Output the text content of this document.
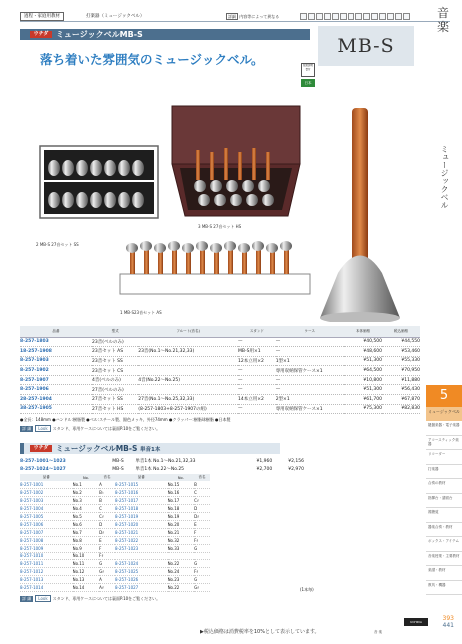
過程・家庭用教材	打楽器（ミュージックベル）	詳細 内容等によって異なる	音楽
ミュージックベル
ウチダ ミュージックベルMB-S
MB-S
落ち着いた雰囲気のミュージックベル。	取扱説明書付
日本
2 MB-S 27音セット SS
3 MB-S 27音セット HS
1 MB-S23音セット AS
5
ミュージックベル
鍵盤楽器・電子楽器
アコースティック楽器
リコーダー
打楽器
合奏の教材
指揮台・譜面台
視聴覚
器楽合奏・教材
ボックス・アイテム
音楽授業・主要教材
楽譜・教材
教具・機器
品番	型式	フルート(音名)	スタンド	ケース	本体価格	税込価格
8-257-1803	23音(ベルのみ)		—	—	¥40,500	¥44,550
18-257-1908	23音セット AS	23音(No.1〜No.21,32,33)	MB-S用×1	—	¥48,600	¥53,460
8-257-1903	23音セット SS		12本立用×2	1型×1	¥51,300	¥55,330
8-257-1902	23音セット CS		—	専用収納保管ケース×1	¥64,500	¥70,950
8-257-1907	4音(ベルのみ)	4音(No.22〜No.25)	—	—	¥10,800	¥11,880
8-257-1906	27音(ベルのみ)		—	—	¥51,300	¥56,430
28-257-1904	27音セット SS	27音(No.1〜No.25,32,33)	14本立用×2	2型×1	¥61,700	¥67,870
38-257-1905	27音セット HS	(8-257-1803+8-257-1907の組)	—	専用収納保管ケース×1	¥75,300	¥82,830
●全長：148mm ●ハンドル:樹脂製 ●ベル:スチール製、銀色メッキ、外径74mm ●クラッパー:樹脂球樹脂 ●日本製
詳 細 Look スタンド、専用ケースについては裏面P.10をご覧ください。
ウチダ	ミュージックベルMB-S 単音1本
8-257-1001〜1023	MB-S	単音1本 No.1〜No.21,32,33	¥1,960	¥2,156
8-257-1024〜1027	MB-S	単音1本 No.22〜No.25	¥2,700	¥2,970
品番	No.	音名	品番	No.	音名
8-257-1001	No.1	A	8-257-1015	No.15	B
8-257-1002	No.2	B♭	8-257-1016	No.16	C
8-257-1003	No.3	B	8-257-1017	No.17	C♯
8-257-1004	No.4	C	8-257-1018	No.18	D
8-257-1005	No.5	C♯	8-257-1019	No.19	D♯
8-257-1006	No.6	D	8-257-1020	No.20	E
8-257-1007	No.7	D♯	8-257-1021	No.21	F
8-257-1008	No.8	E	8-257-1022	No.32	F♯
8-257-1009	No.9	F	8-257-1023	No.33	G
8-257-1010	No.10	F♯			
8-257-1011	No.11	G	8-257-1024	No.22	G
8-257-1012	No.12	G♯	8-257-1025	No.24	F♯
8-257-1013	No.13	A	8-257-1026	No.23	G
8-257-1014	No.14	A♯	8-257-1027	No.22	G♯	(1本毎)
詳 細 Look スタンド、専用ケースについては裏面P.10をご覧ください。
▶税込価格は消費税率を10%として表示しています。	音 楽
UCHIDA	393
441
